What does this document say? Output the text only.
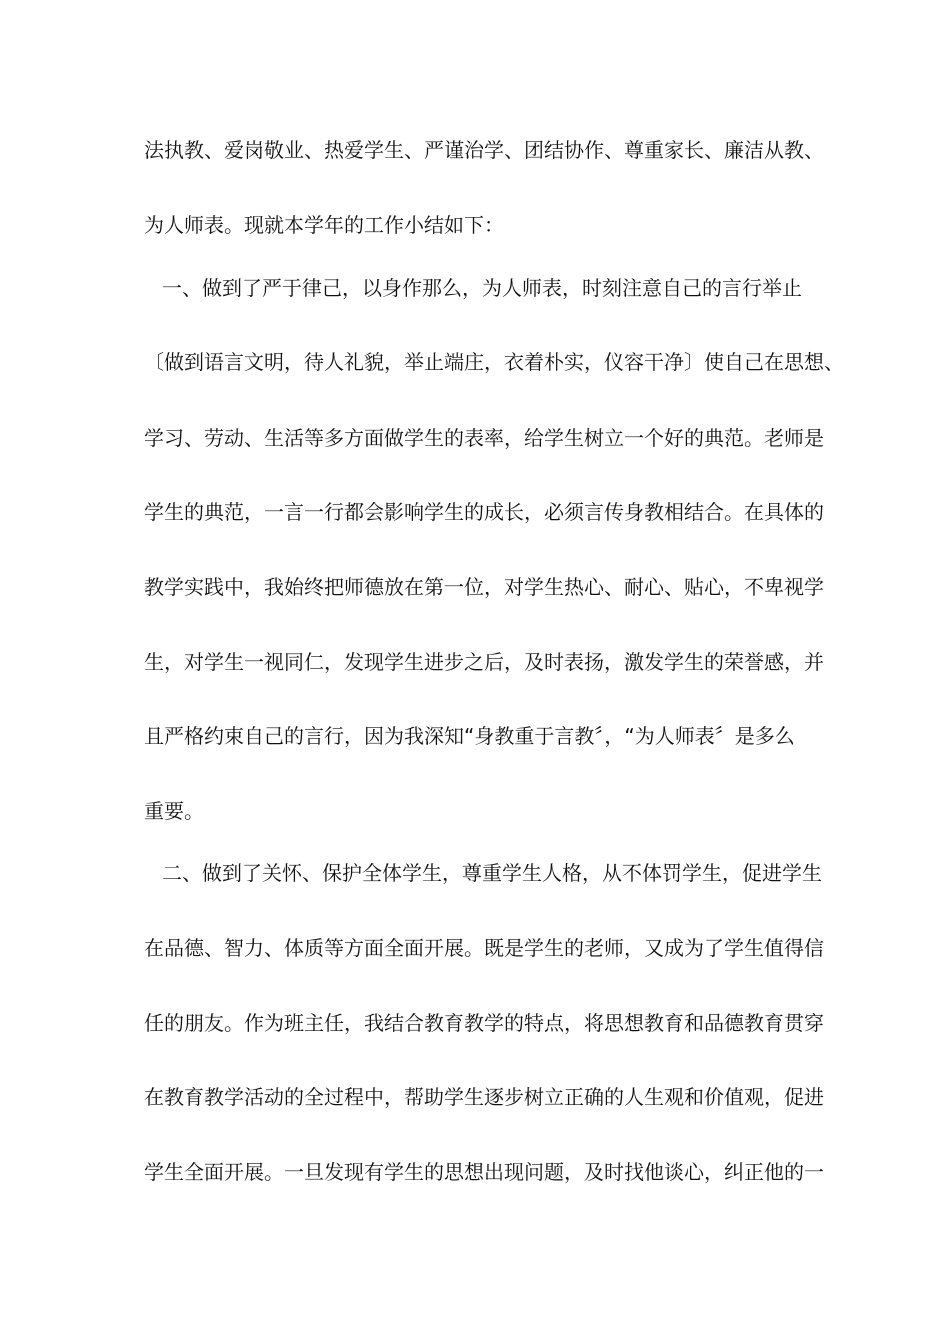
法执教、爱岗敬业、热爱学生、严谨治学、团结协作、尊重家长、廉洁从教、
为人师表。现就本学年的工作小结如下：
一、做到了严于律己，以身作那么，为人师表，时刻注意自己的言行举止
〔做到语言文明，待人礼貌，举止端庄，衣着朴实，仪容干净〕使自己在思想、
学习、劳动、生活等多方面做学生的表率，给学生树立一个好的典范。老师是
学生的典范，一言一行都会影响学生的成长，必须言传身教相结合。在具体的
教学实践中，我始终把师德放在第一位，对学生热心、耐心、贴心，不卑视学
生，对学生一视同仁，发现学生进步之后，及时表扬，激发学生的荣誉感，并
且严格约束自己的言行，因为我深知“身教重于言教〞，“为人师表〞是多么
重要。
二、做到了关怀、保护全体学生，尊重学生人格，从不体罚学生，促进学生
在品德、智力、体质等方面全面开展。既是学生的老师，又成为了学生值得信
任的朋友。作为班主任，我结合教育教学的特点，将思想教育和品德教育贯穿
在教育教学活动的全过程中，帮助学生逐步树立正确的人生观和价值观，促进
学生全面开展。一旦发现有学生的思想出现问题，及时找他谈心，纠正他的一
